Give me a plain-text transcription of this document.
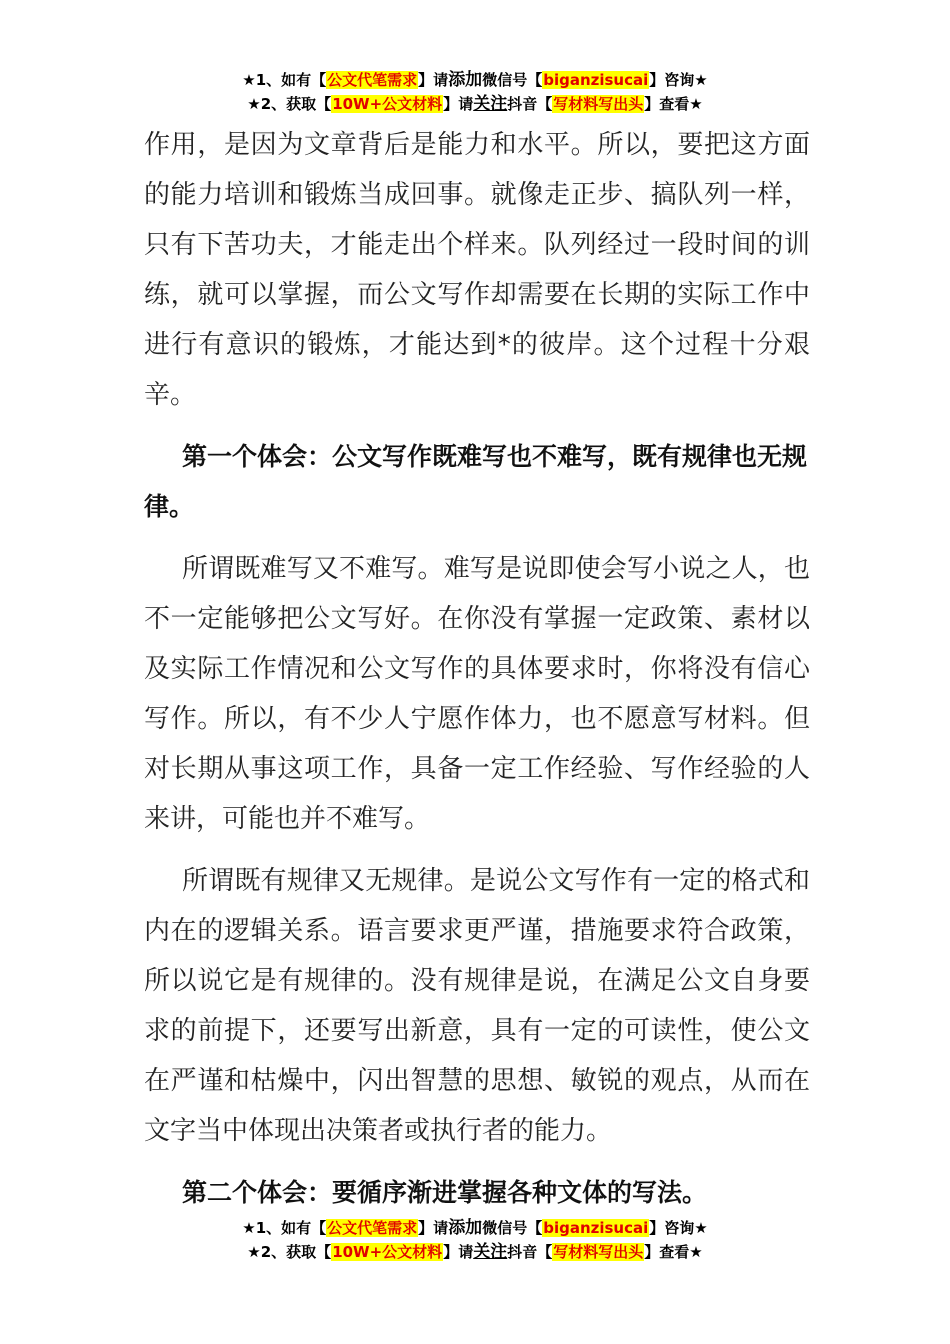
★1、如有【公文代笔需求】请添加微信号【biganzisucai】咨询★
★2、获取【10W+公文材料】请关注抖音【写材料写出头】查看★

作用，是因为文章背后是能力和水平。所以，要把这方面的能力培训和锻炼当成回事。就像走正步、搞队列一样，只有下苦功夫，才能走出个样来。队列经过一段时间的训练，就可以掌握，而公文写作却需要在长期的实际工作中进行有意识的锻炼，才能达到*的彼岸。这个过程十分艰辛。

第一个体会：公文写作既难写也不难写，既有规律也无规律。

所谓既难写又不难写。难写是说即使会写小说之人，也不一定能够把公文写好。在你没有掌握一定政策、素材以及实际工作情况和公文写作的具体要求时，你将没有信心写作。所以，有不少人宁愿作体力，也不愿意写材料。但对长期从事这项工作，具备一定工作经验、写作经验的人来讲，可能也并不难写。

所谓既有规律又无规律。是说公文写作有一定的格式和内在的逻辑关系。语言要求更严谨，措施要求符合政策，所以说它是有规律的。没有规律是说，在满足公文自身要求的前提下，还要写出新意，具有一定的可读性，使公文在严谨和枯燥中，闪出智慧的思想、敏锐的观点，从而在文字当中体现出决策者或执行者的能力。

第二个体会：要循序渐进掌握各种文体的写法。

★1、如有【公文代笔需求】请添加微信号【biganzisucai】咨询★
★2、获取【10W+公文材料】请关注抖音【写材料写出头】查看★
